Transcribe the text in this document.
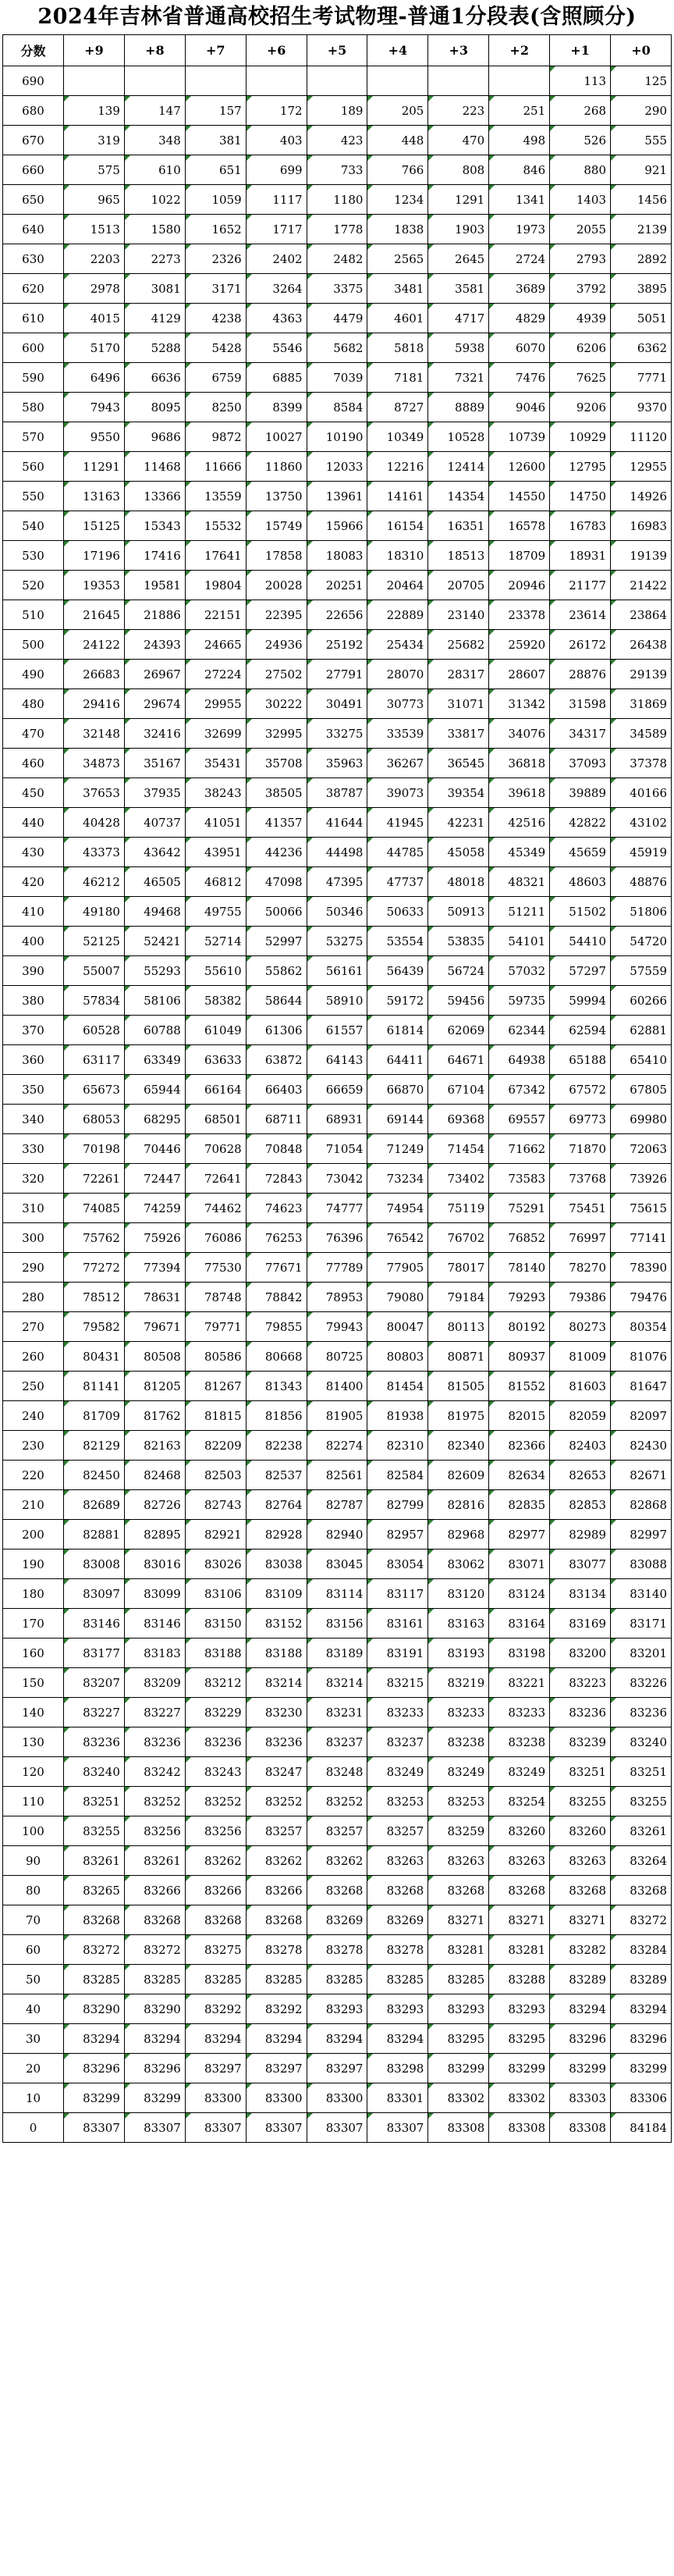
2024年吉林省普通高校招生考试物理-普通1分段表(含照顾分)
分数	+9	+8	+7	+6	+5	+4	+3	+2	+1	+0
690									113	125
680	139	147	157	172	189	205	223	251	268	290
670	319	348	381	403	423	448	470	498	526	555
660	575	610	651	699	733	766	808	846	880	921
650	965	1022	1059	1117	1180	1234	1291	1341	1403	1456
640	1513	1580	1652	1717	1778	1838	1903	1973	2055	2139
630	2203	2273	2326	2402	2482	2565	2645	2724	2793	2892
620	2978	3081	3171	3264	3375	3481	3581	3689	3792	3895
610	4015	4129	4238	4363	4479	4601	4717	4829	4939	5051
600	5170	5288	5428	5546	5682	5818	5938	6070	6206	6362
590	6496	6636	6759	6885	7039	7181	7321	7476	7625	7771
580	7943	8095	8250	8399	8584	8727	8889	9046	9206	9370
570	9550	9686	9872	10027	10190	10349	10528	10739	10929	11120
560	11291	11468	11666	11860	12033	12216	12414	12600	12795	12955
550	13163	13366	13559	13750	13961	14161	14354	14550	14750	14926
540	15125	15343	15532	15749	15966	16154	16351	16578	16783	16983
530	17196	17416	17641	17858	18083	18310	18513	18709	18931	19139
520	19353	19581	19804	20028	20251	20464	20705	20946	21177	21422
510	21645	21886	22151	22395	22656	22889	23140	23378	23614	23864
500	24122	24393	24665	24936	25192	25434	25682	25920	26172	26438
490	26683	26967	27224	27502	27791	28070	28317	28607	28876	29139
480	29416	29674	29955	30222	30491	30773	31071	31342	31598	31869
470	32148	32416	32699	32995	33275	33539	33817	34076	34317	34589
460	34873	35167	35431	35708	35963	36267	36545	36818	37093	37378
450	37653	37935	38243	38505	38787	39073	39354	39618	39889	40166
440	40428	40737	41051	41357	41644	41945	42231	42516	42822	43102
430	43373	43642	43951	44236	44498	44785	45058	45349	45659	45919
420	46212	46505	46812	47098	47395	47737	48018	48321	48603	48876
410	49180	49468	49755	50066	50346	50633	50913	51211	51502	51806
400	52125	52421	52714	52997	53275	53554	53835	54101	54410	54720
390	55007	55293	55610	55862	56161	56439	56724	57032	57297	57559
380	57834	58106	58382	58644	58910	59172	59456	59735	59994	60266
370	60528	60788	61049	61306	61557	61814	62069	62344	62594	62881
360	63117	63349	63633	63872	64143	64411	64671	64938	65188	65410
350	65673	65944	66164	66403	66659	66870	67104	67342	67572	67805
340	68053	68295	68501	68711	68931	69144	69368	69557	69773	69980
330	70198	70446	70628	70848	71054	71249	71454	71662	71870	72063
320	72261	72447	72641	72843	73042	73234	73402	73583	73768	73926
310	74085	74259	74462	74623	74777	74954	75119	75291	75451	75615
300	75762	75926	76086	76253	76396	76542	76702	76852	76997	77141
290	77272	77394	77530	77671	77789	77905	78017	78140	78270	78390
280	78512	78631	78748	78842	78953	79080	79184	79293	79386	79476
270	79582	79671	79771	79855	79943	80047	80113	80192	80273	80354
260	80431	80508	80586	80668	80725	80803	80871	80937	81009	81076
250	81141	81205	81267	81343	81400	81454	81505	81552	81603	81647
240	81709	81762	81815	81856	81905	81938	81975	82015	82059	82097
230	82129	82163	82209	82238	82274	82310	82340	82366	82403	82430
220	82450	82468	82503	82537	82561	82584	82609	82634	82653	82671
210	82689	82726	82743	82764	82787	82799	82816	82835	82853	82868
200	82881	82895	82921	82928	82940	82957	82968	82977	82989	82997
190	83008	83016	83026	83038	83045	83054	83062	83071	83077	83088
180	83097	83099	83106	83109	83114	83117	83120	83124	83134	83140
170	83146	83146	83150	83152	83156	83161	83163	83164	83169	83171
160	83177	83183	83188	83188	83189	83191	83193	83198	83200	83201
150	83207	83209	83212	83214	83214	83215	83219	83221	83223	83226
140	83227	83227	83229	83230	83231	83233	83233	83233	83236	83236
130	83236	83236	83236	83236	83237	83237	83238	83238	83239	83240
120	83240	83242	83243	83247	83248	83249	83249	83249	83251	83251
110	83251	83252	83252	83252	83252	83253	83253	83254	83255	83255
100	83255	83256	83256	83257	83257	83257	83259	83260	83260	83261
90	83261	83261	83262	83262	83262	83263	83263	83263	83263	83264
80	83265	83266	83266	83266	83268	83268	83268	83268	83268	83268
70	83268	83268	83268	83268	83269	83269	83271	83271	83271	83272
60	83272	83272	83275	83278	83278	83278	83281	83281	83282	83284
50	83285	83285	83285	83285	83285	83285	83285	83288	83289	83289
40	83290	83290	83292	83292	83293	83293	83293	83293	83294	83294
30	83294	83294	83294	83294	83294	83294	83295	83295	83296	83296
20	83296	83296	83297	83297	83297	83298	83299	83299	83299	83299
10	83299	83299	83300	83300	83300	83301	83302	83302	83303	83306
0	83307	83307	83307	83307	83307	83307	83308	83308	83308	84184
